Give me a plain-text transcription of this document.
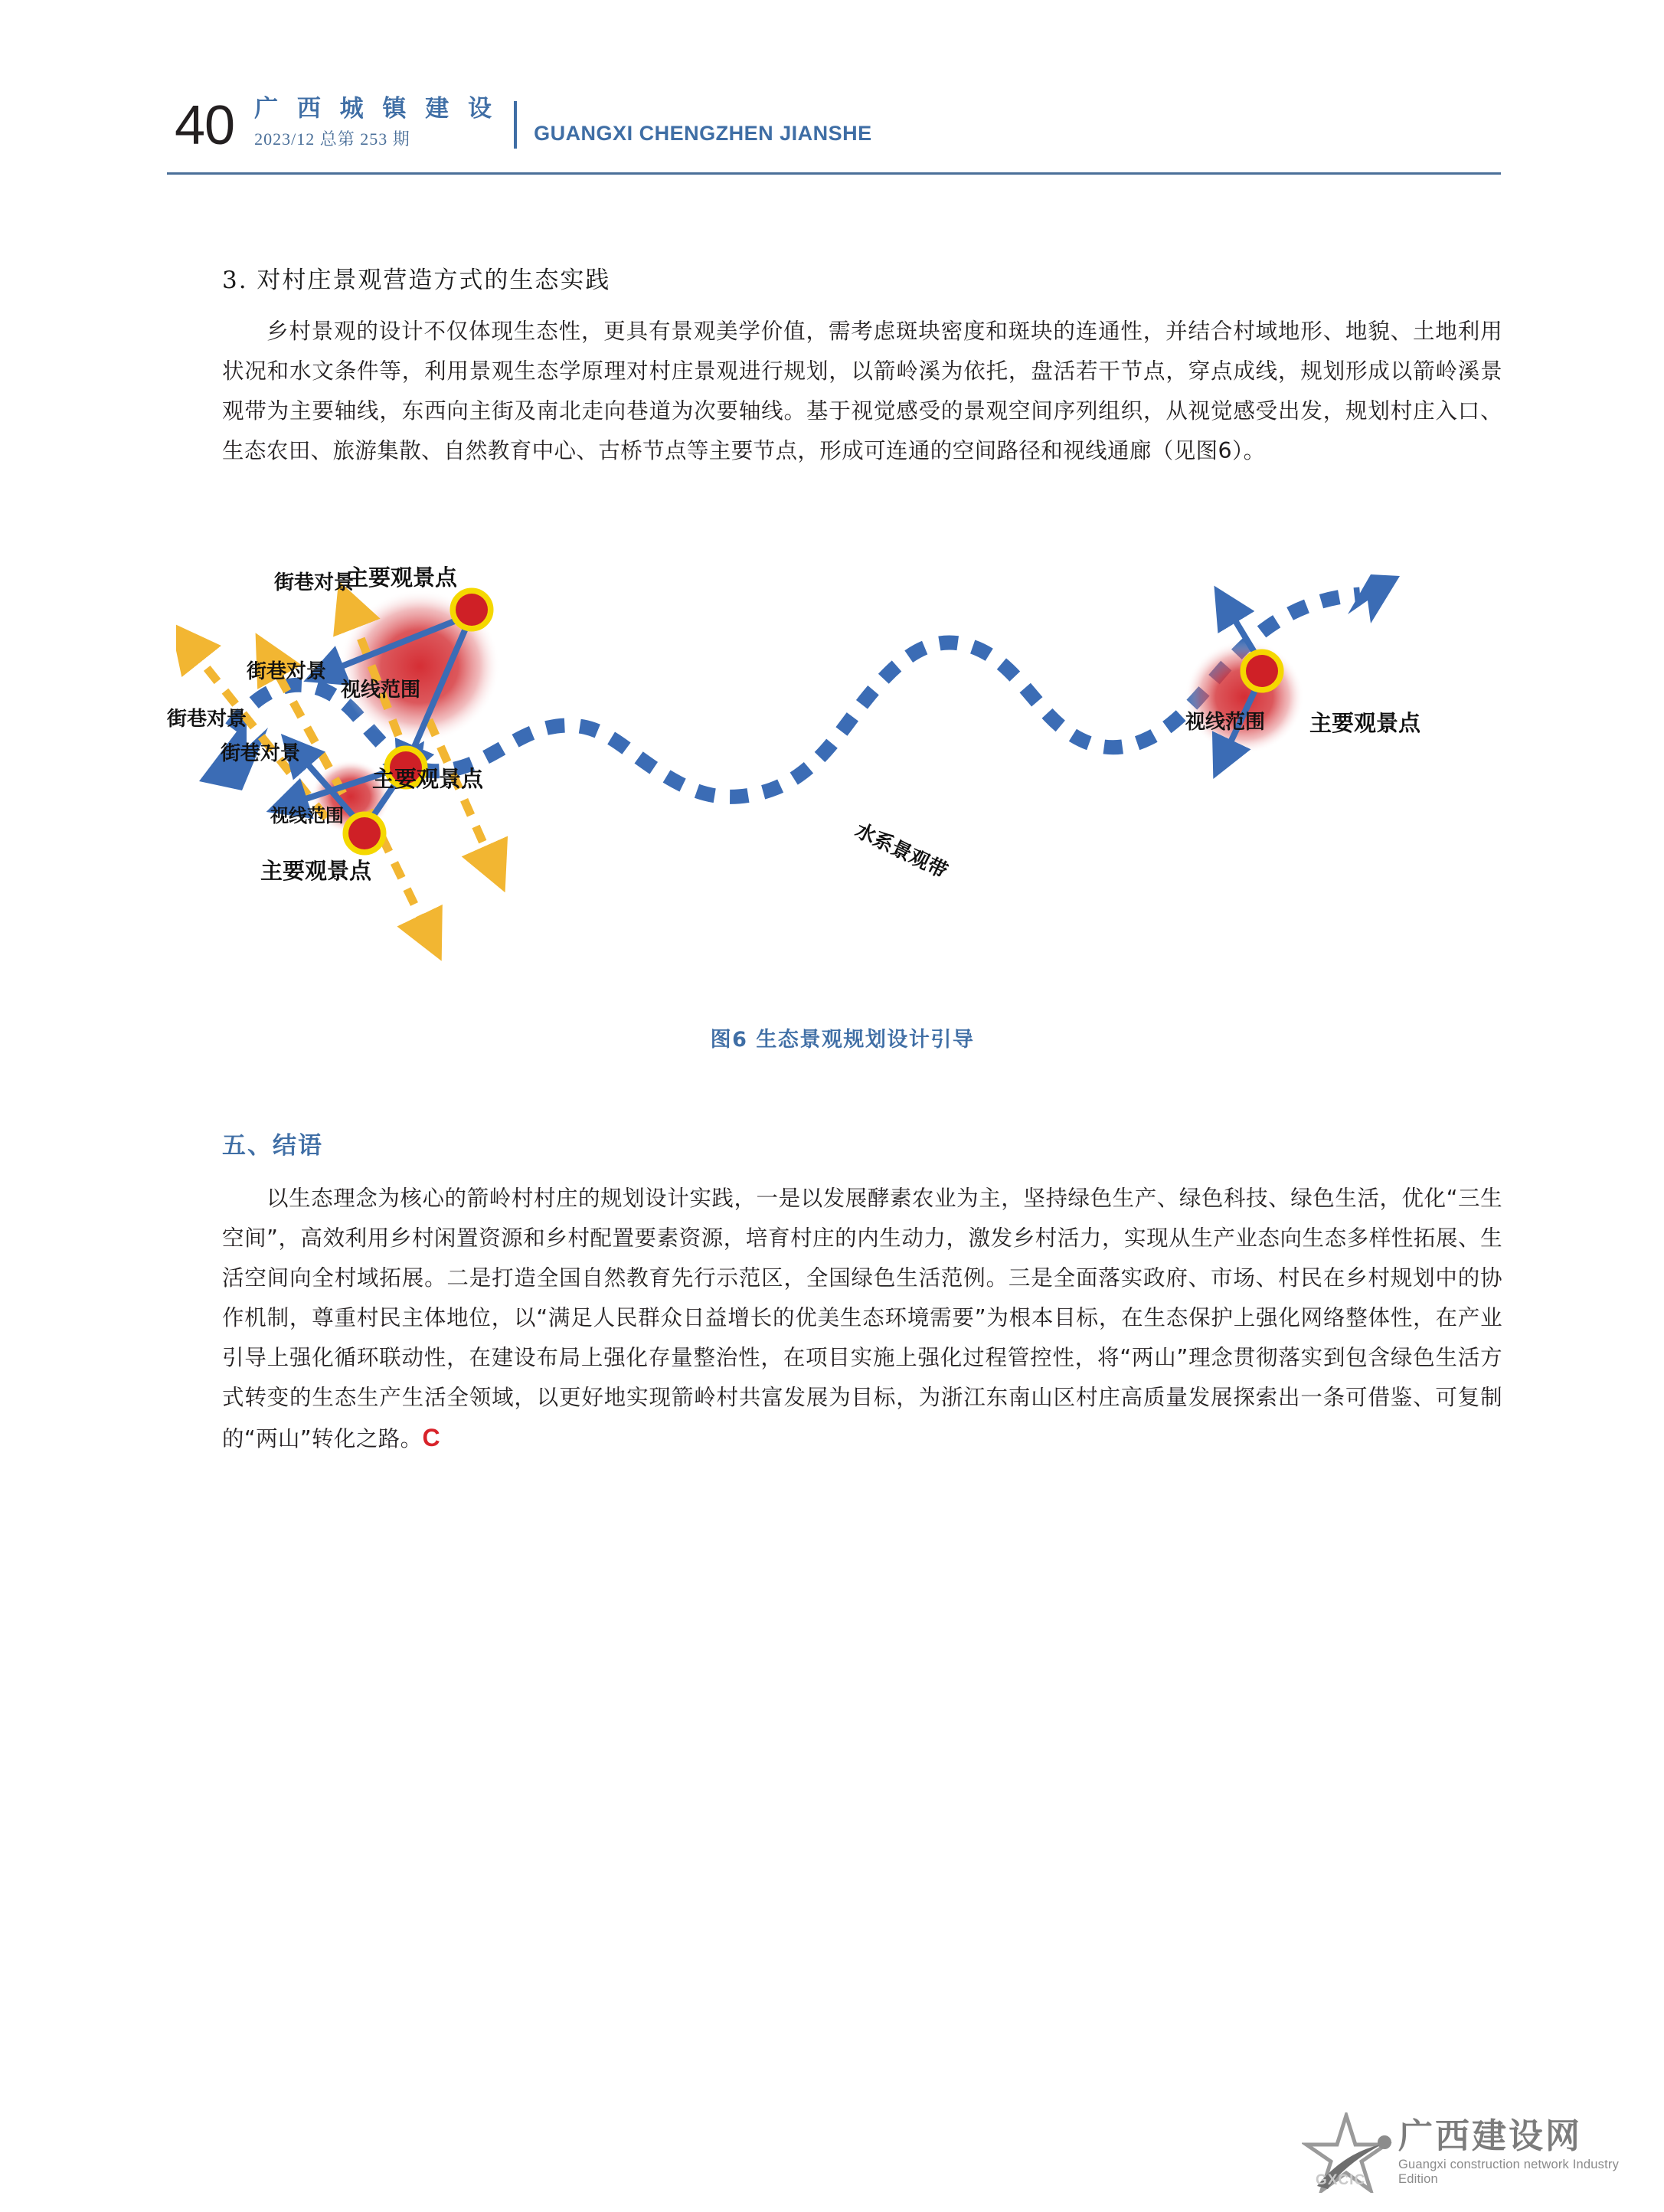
40 广 西 城 镇 建 设
2023/12 总第 253 期	GUANGXI CHENGZHEN JIANSHE
3. 对村庄景观营造方式的生态实践
乡村景观的设计不仅体现生态性，更具有景观美学价值，需考虑斑块密度和斑块的连通性，并结合村域地形、地貌、土地利用状况和水文条件等，利用景观生态学原理对村庄景观进行规划，以箭岭溪为依托，盘活若干节点，穿点成线，规划形成以箭岭溪景观带为主要轴线，东西向主街及南北走向巷道为次要轴线。基于视觉感受的景观空间序列组织，从视觉感受出发，规划村庄入口、生态农田、旅游集散、自然教育中心、古桥节点等主要节点，形成可连通的空间路径和视线通廊（见图6）。
水系景观带
街巷对景
主要观景点
街巷对景
视线范围
街巷对景
街巷对景
主要观景点
视线范围
主要观景点
视线范围 主要观景点
图6 生态景观规划设计引导
五、结语
以生态理念为核心的箭岭村村庄的规划设计实践，一是以发展酵素农业为主，坚持绿色生产、绿色科技、绿色生活，优化“三生空间”，高效利用乡村闲置资源和乡村配置要素资源，培育村庄的内生动力，激发乡村活力，实现从生产业态向生态多样性拓展、生活空间向全村域拓展。二是打造全国自然教育先行示范区，全国绿色生活范例。三是全面落实政府、市场、村民在乡村规划中的协作机制，尊重村民主体地位，以“满足人民群众日益增长的优美生态环境需要”为根本目标，在生态保护上强化网络整体性，在产业引导上强化循环联动性，在建设布局上强化存量整治性，在项目实施上强化过程管控性，将“两山”理念贯彻落实到包含绿色生活方式转变的生态生产生活全领域，以更好地实现箭岭村共富发展为目标，为浙江东南山区村庄高质量发展探索出一条可借鉴、可复制的“两山”转化之路。C
GXCIC
广西建设网
Guangxi construction network Industry Edition
